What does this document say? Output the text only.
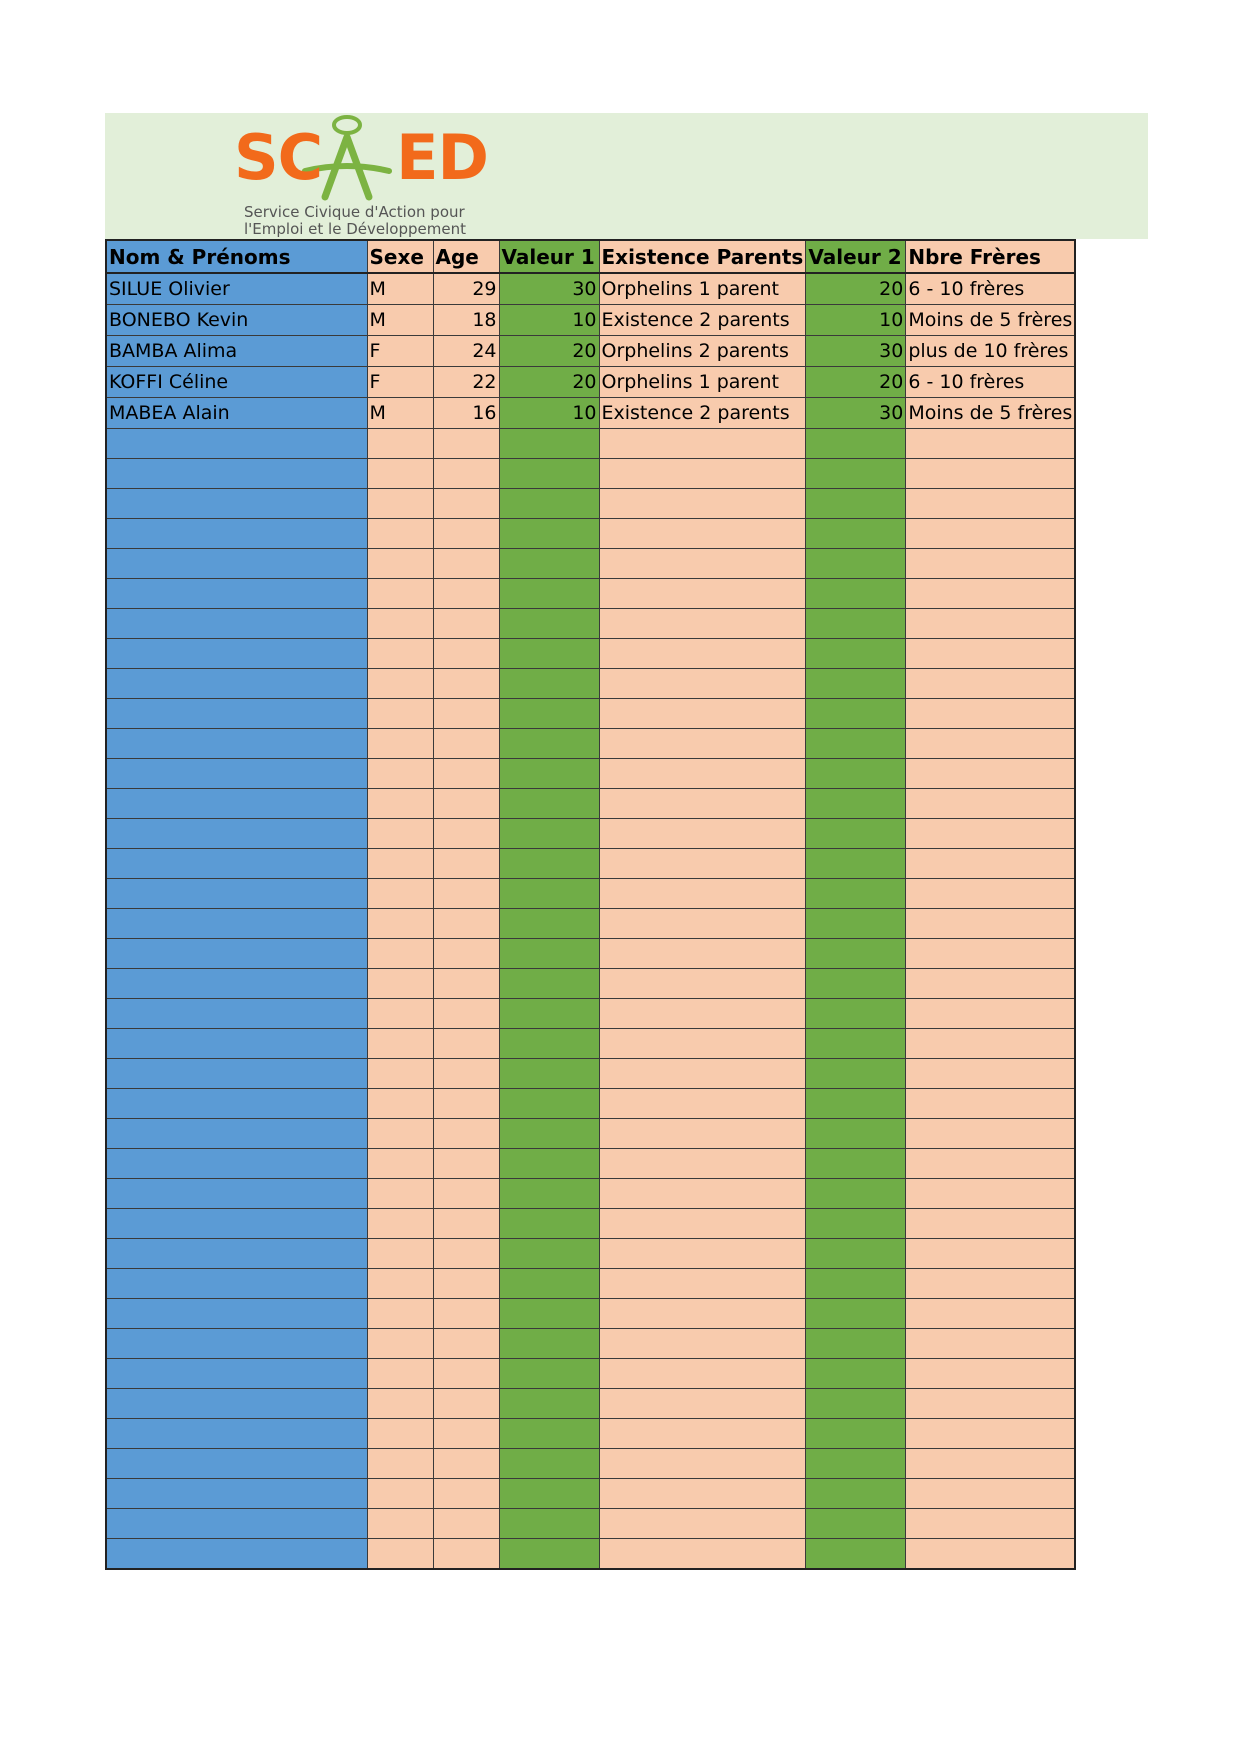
SC ED
Service Civique d'Action pour
l'Emploi et le Développement
Nom & Prénoms	Sexe	Age	Valeur 1	Existence Parents	Valeur 2	Nbre Frères
SILUE Olivier	M	29	30	Orphelins 1 parent	20	6 - 10 frères
BONEBO Kevin	M	18	10	Existence 2 parents	10	Moins de 5 frères
BAMBA Alima	F	24	20	Orphelins 2 parents	30	plus de 10 frères
KOFFI Céline	F	22	20	Orphelins 1 parent	20	6 - 10 frères
MABEA Alain	M	16	10	Existence 2 parents	30	Moins de 5 frères
